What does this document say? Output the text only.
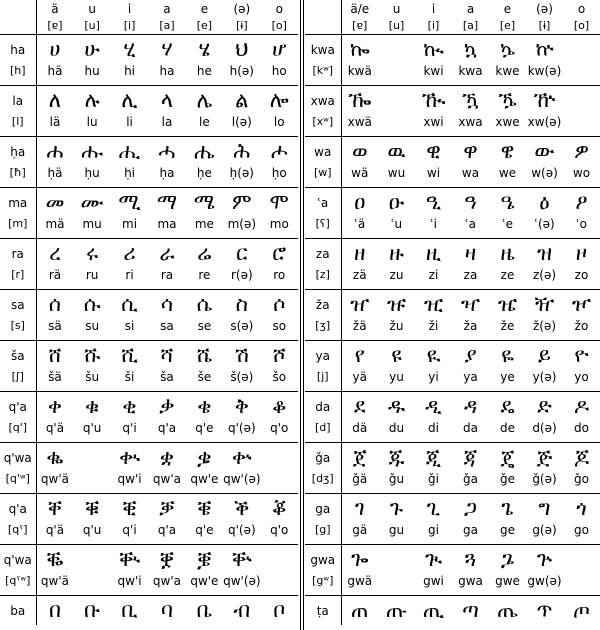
	ä	u	i	a	e	(ə)	o
	[ɐ]	[u]	[i]	[a]	[e]	[ɨ]	[o]
ha	ሀ	ሁ	ሂ	ሃ	ሄ	ህ	ሆ
[h]	hä	hu	hi	ha	he	h(ə)	ho
la	ለ	ሉ	ሊ	ላ	ሌ	ል	ሎ
[l]	lä	lu	li	la	le	l(ə)	lo
ḥa	ሐ	ሑ	ሒ	ሓ	ሔ	ሕ	ሖ
[ħ]	ḥä	ḥu	ḥi	ḥa	ḥe	ḥ(ə)	ḥo
ma	መ	ሙ	ሚ	ማ	ሜ	ም	ሞ
[m]	mä	mu	mi	ma	me	m(ə)	mo
ra	ረ	ሩ	ሪ	ራ	ሬ	ር	ሮ
[r]	rä	ru	ri	ra	re	r(ə)	ro
sa	ሰ	ሱ	ሲ	ሳ	ሴ	ስ	ሶ
[s]	sä	su	si	sa	se	s(ə)	so
ša	ሸ	ሹ	ሺ	ሻ	ሼ	ሽ	ሾ
[ʃ]	šä	šu	ši	ša	še	š(ə)	šo
q'a	ቀ	ቁ	ቂ	ቃ	ቄ	ቅ	ቆ
[q']	q'ä	q'u	q'i	q'a	q'e	q'(ə)	q'o
q'wa	ቈ		ቊ	ቋ	ቌ	ቍ	
[q'ʷ]	qw'ä		qw'i	qw'a	qw'e	qw'(ə)	
q'a	ቐ	ቑ	ቒ	ቓ	ቔ	ቕ	ቖ
[qˤ]	q'ä	q'u	q'i	q'a	q'e	q'(ə)	q'o
q'wa	ቘ		ቚ	ቛ	ቜ	ቝ	
[qˤʷ]	qw'ä		qw'i	qw'a	qw'e	qw'(ə)	
ba	በ	ቡ	ቢ	ባ	ቤ	ብ	ቦ
	ä/e	u	i	a	e	(ə)	o
	[ɐ]	[u]	[i]	[a]	[e]	[ɨ]	[o]
kwa	ኰ		ኲ	ኳ	ኴ	ኵ	
[kʷ]	kwä		kwi	kwa	kwe	kw(ə)	
xwa	ዀ		ዂ	ዃ	ዄ	ዅ	
[xʷ]	xwä		xwi	xwa	xwe	xw(ə)	
wa	ወ	ዉ	ዊ	ዋ	ዌ	ው	ዎ
[w]	wä	wu	wi	wa	we	w(ə)	wo
ʿa	ዐ	ዑ	ዒ	ዓ	ዔ	ዕ	ዖ
[ʕ]	ʿä	ʿu	ʿi	ʿa	ʿe	ʿ(ə)	ʿo
za	ዘ	ዙ	ዚ	ዛ	ዜ	ዝ	ዞ
[z]	zä	zu	zi	za	ze	z(ə)	zo
ža	ዠ	ዡ	ዢ	ዣ	ዤ	ዥ	ዦ
[ʒ]	žä	žu	ži	ža	že	ž(ə)	žo
ya	የ	ዩ	ዪ	ያ	ዬ	ይ	ዮ
[j]	yä	yu	yi	ya	ye	y(ə)	yo
da	ደ	ዱ	ዲ	ዳ	ዴ	ድ	ዶ
[d]	dä	du	di	da	de	d(ə)	do
ǧa	ጀ	ጁ	ጂ	ጃ	ጄ	ጅ	ጆ
[dʒ]	ǧä	ǧu	ǧi	ǧa	ǧe	ǧ(ə)	ǧo
ga	ገ	ጉ	ጊ	ጋ	ጌ	ግ	ጎ
[g]	gä	gu	gi	ga	ge	g(ə)	go
gwa	ጐ		ጒ	ጓ	ጔ	ጕ	
[gʷ]	gwä		gwi	gwa	gwe	gw(ə)	
ṭa	ጠ	ጡ	ጢ	ጣ	ጤ	ጥ	ጦ
